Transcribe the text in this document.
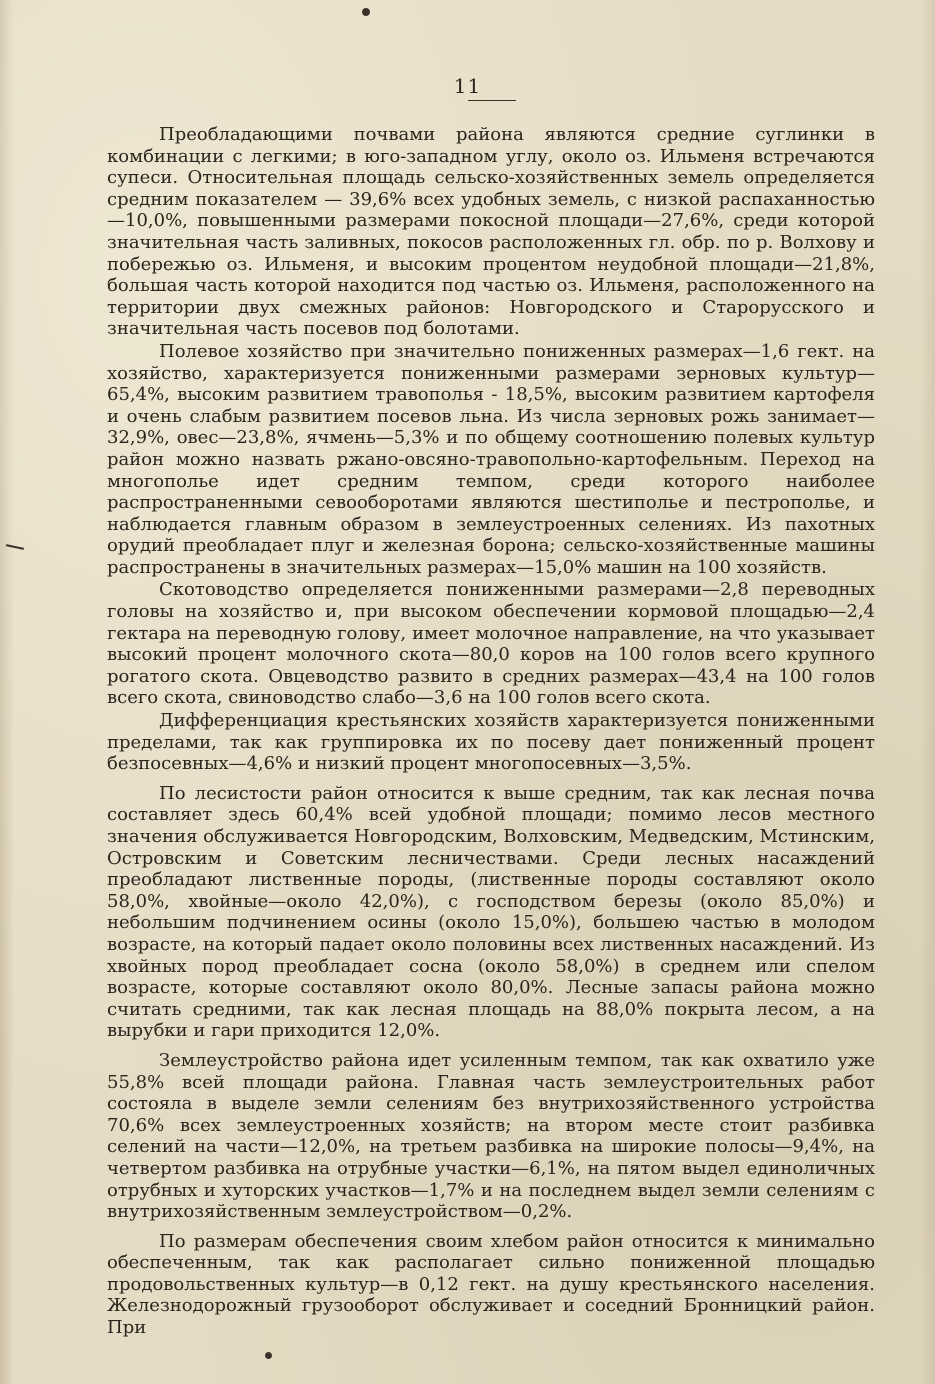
11

Преобладающими почвами района являются средние суглинки в комбинации с легкими; в юго-западном углу, около оз. Ильменя встречаются супеси. Относительная площадь сельско-хозяйственных земель определяется средним показателем — 39,6% всех удобных земель, с низкой распаханностью—10,0%, повышенными размерами покосной площади—27,6%, среди которой значительная часть заливных, покосов расположенных гл. обр. по р. Волхову и побережью оз. Ильменя, и высоким процентом неудобной площади—21,8%, большая часть которой находится под частью оз. Ильменя, расположенного на территории двух смежных районов: Новгородского и Старорусского и значительная часть посевов под болотами.

Полевое хозяйство при значительно пониженных размерах—1,6 гект. на хозяйство, характеризуется пониженными размерами зерновых культур—65,4%, высоким развитием травополья - 18,5%, высоким развитием картофеля и очень слабым развитием посевов льна. Из числа зерновых рожь занимает—32,9%, овес—23,8%, ячмень—5,3% и по общему соотношению полевых культур район можно назвать ржано-овсяно-травопольно-картофельным. Переход на многополье идет средним темпом, среди которого наиболее распространенными севооборотами являются шестиполье и пестрополье, и наблюдается главным образом в землеустроенных селениях. Из пахотных орудий преобладает плуг и железная борона; сельско-хозяйственные машины распространены в значительных размерах—15,0% машин на 100 хозяйств.

Скотоводство определяется пониженными размерами—2,8 переводных головы на хозяйство и, при высоком обеспечении кормовой площадью—2,4 гектара на переводную голову, имеет молочное направление, на что указывает высокий процент молочного скота—80,0 коров на 100 голов всего крупного рогатого скота. Овцеводство развито в средних размерах—43,4 на 100 голов всего скота, свиноводство слабо—3,6 на 100 голов всего скота.

Дифференциация крестьянских хозяйств характеризуется пониженными пределами, так как группировка их по посеву дает пониженный процент безпосевных—4,6% и низкий процент многопосевных—3,5%.

По лесистости район относится к выше средним, так как лесная почва составляет здесь 60,4% всей удобной площади; помимо лесов местного значения обслуживается Новгородским, Волховским, Медведским, Мстинским, Островским и Советским лесничествами. Среди лесных насаждений преобладают лиственные породы, (лиственные породы составляют около 58,0%, хвойные—около 42,0%), с господством березы (около 85,0%) и небольшим подчинением осины (около 15,0%), большею частью в молодом возрасте, на который падает около половины всех лиственных насаждений. Из хвойных пород преобладает сосна (около 58,0%) в среднем или спелом возрасте, которые составляют около 80,0%. Лесные запасы района можно считать средними, так как лесная площадь на 88,0% покрыта лесом, а на вырубки и гари приходится 12,0%.

Землеустройство района идет усиленным темпом, так как охватило уже 55,8% всей площади района. Главная часть землеустроительных работ состояла в выделе земли селениям без внутрихозяйственного устройства 70,6% всех землеустроенных хозяйств; на втором месте стоит разбивка селений на части—12,0%, на третьем разбивка на широкие полосы—9,4%, на четвертом разбивка на отрубные участки—6,1%, на пятом выдел единоличных отрубных и хуторских участков—1,7% и на последнем выдел земли селениям с внутрихозяйственным землеустройством—0,2%.

По размерам обеспечения своим хлебом район относится к минимально обеспеченным, так как располагает сильно пониженной площадью продовольственных культур—в 0,12 гект. на душу крестьянского населения. Железнодорожный грузооборот обслуживает и соседний Бронницкий район. При
